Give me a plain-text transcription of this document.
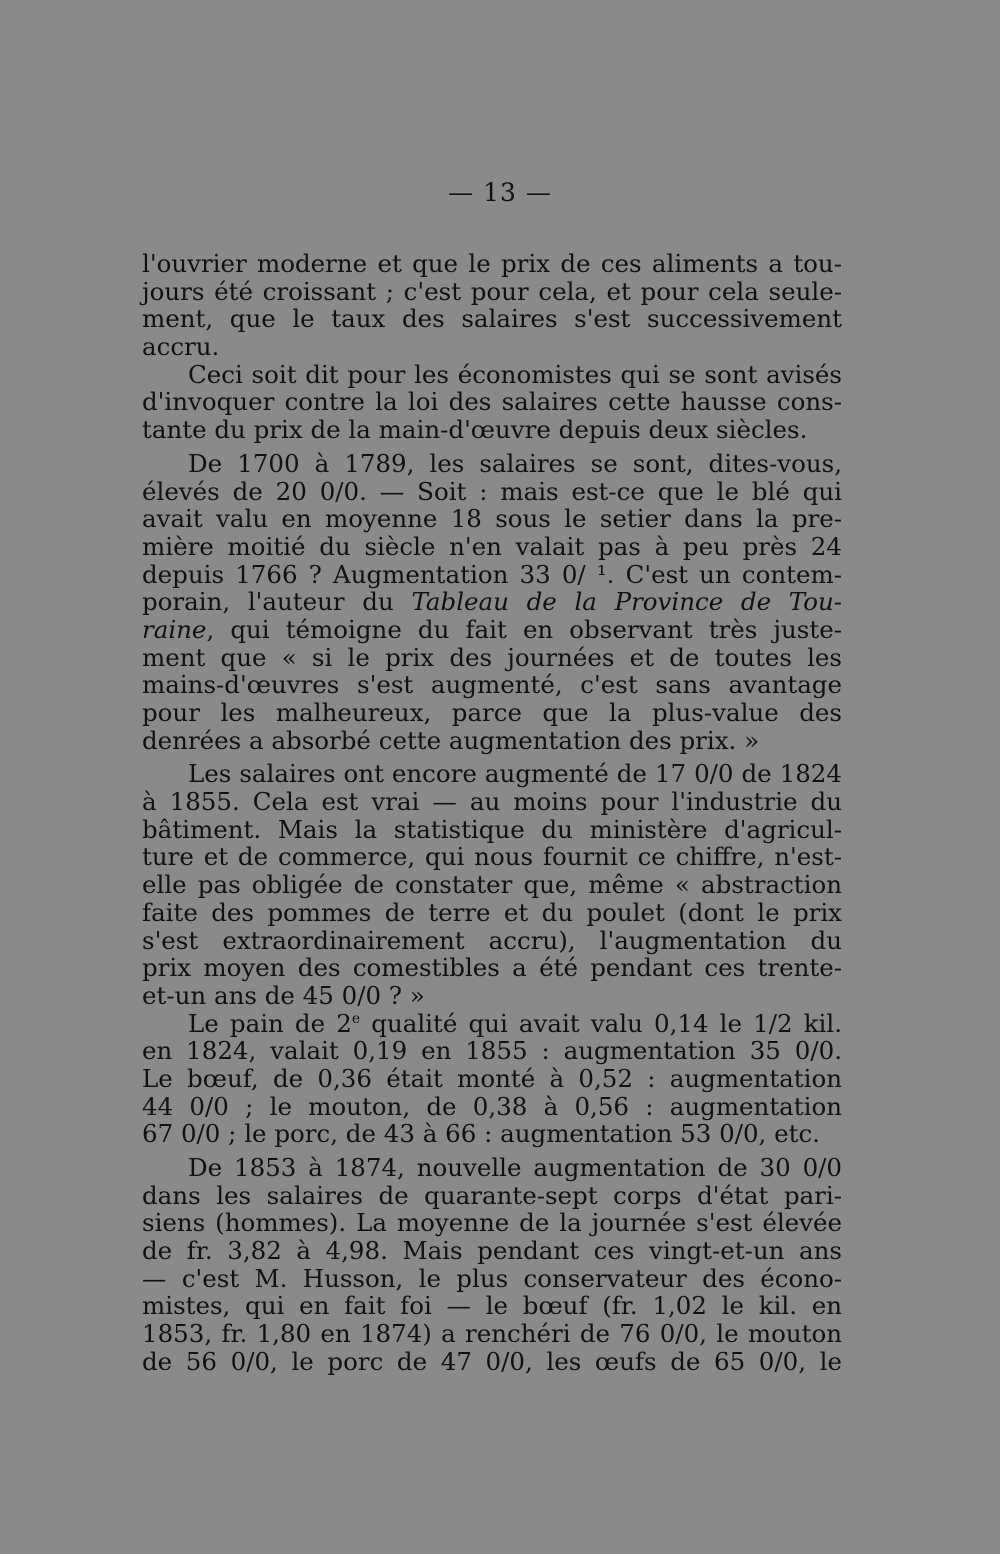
— 13 —
l'ouvrier moderne et que le prix de ces aliments a tou-
jours été croissant ; c'est pour cela, et pour cela seule-
ment, que le taux des salaires s'est successivement
accru.
Ceci soit dit pour les économistes qui se sont avisés
d'invoquer contre la loi des salaires cette hausse cons-
tante du prix de la main-d'œuvre depuis deux siècles.
De 1700 à 1789, les salaires se sont, dites-vous,
élevés de 20 0/0. — Soit : mais est-ce que le blé qui
avait valu en moyenne 18 sous le setier dans la pre-
mière moitié du siècle n'en valait pas à peu près 24
depuis 1766 ? Augmentation 33 0/ ¹. C'est un contem-
porain, l'auteur du Tableau de la Province de Tou-
raine, qui témoigne du fait en observant très juste-
ment que « si le prix des journées et de toutes les
mains-d'œuvres s'est augmenté, c'est sans avantage
pour les malheureux, parce que la plus-value des
denrées a absorbé cette augmentation des prix. »
Les salaires ont encore augmenté de 17 0/0 de 1824
à 1855. Cela est vrai — au moins pour l'industrie du
bâtiment. Mais la statistique du ministère d'agricul-
ture et de commerce, qui nous fournit ce chiffre, n'est-
elle pas obligée de constater que, même « abstraction
faite des pommes de terre et du poulet (dont le prix
s'est extraordinairement accru), l'augmentation du
prix moyen des comestibles a été pendant ces trente-
et-un ans de 45 0/0 ? »
Le pain de 2e qualité qui avait valu 0,14 le 1/2 kil.
en 1824, valait 0,19 en 1855 : augmentation 35 0/0.
Le bœuf, de 0,36 était monté à 0,52 : augmentation
44 0/0 ; le mouton, de 0,38 à 0,56 : augmentation
67 0/0 ; le porc, de 43 à 66 : augmentation 53 0/0, etc.
De 1853 à 1874, nouvelle augmentation de 30 0/0
dans les salaires de quarante-sept corps d'état pari-
siens (hommes). La moyenne de la journée s'est élevée
de fr. 3,82 à 4,98. Mais pendant ces vingt-et-un ans
— c'est M. Husson, le plus conservateur des écono-
mistes, qui en fait foi — le bœuf (fr. 1,02 le kil. en
1853, fr. 1,80 en 1874) a renchéri de 76 0/0, le mouton
de 56 0/0, le porc de 47 0/0, les œufs de 65 0/0, le
